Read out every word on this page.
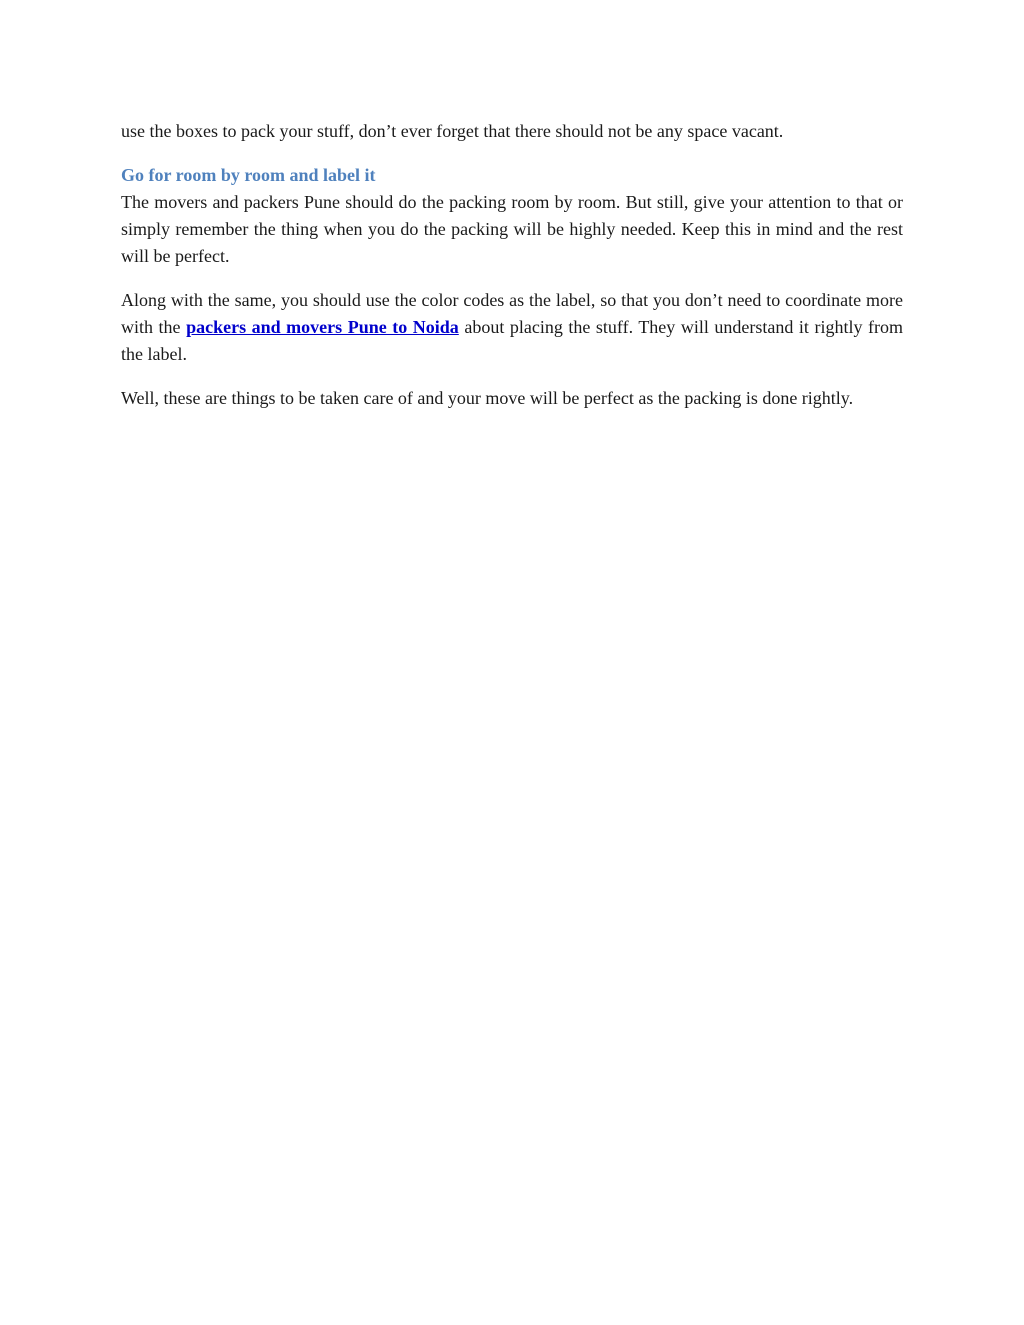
use the boxes to pack your stuff, don’t ever forget that there should not be any space vacant.

Go for room by room and label it

The movers and packers Pune should do the packing room by room. But still, give your attention to that or simply remember the thing when you do the packing will be highly needed. Keep this in mind and the rest will be perfect.

Along with the same, you should use the color codes as the label, so that you don’t need to coordinate more with the packers and movers Pune to Noida about placing the stuff. They will understand it rightly from the label.

Well, these are things to be taken care of and your move will be perfect as the packing is done rightly.
